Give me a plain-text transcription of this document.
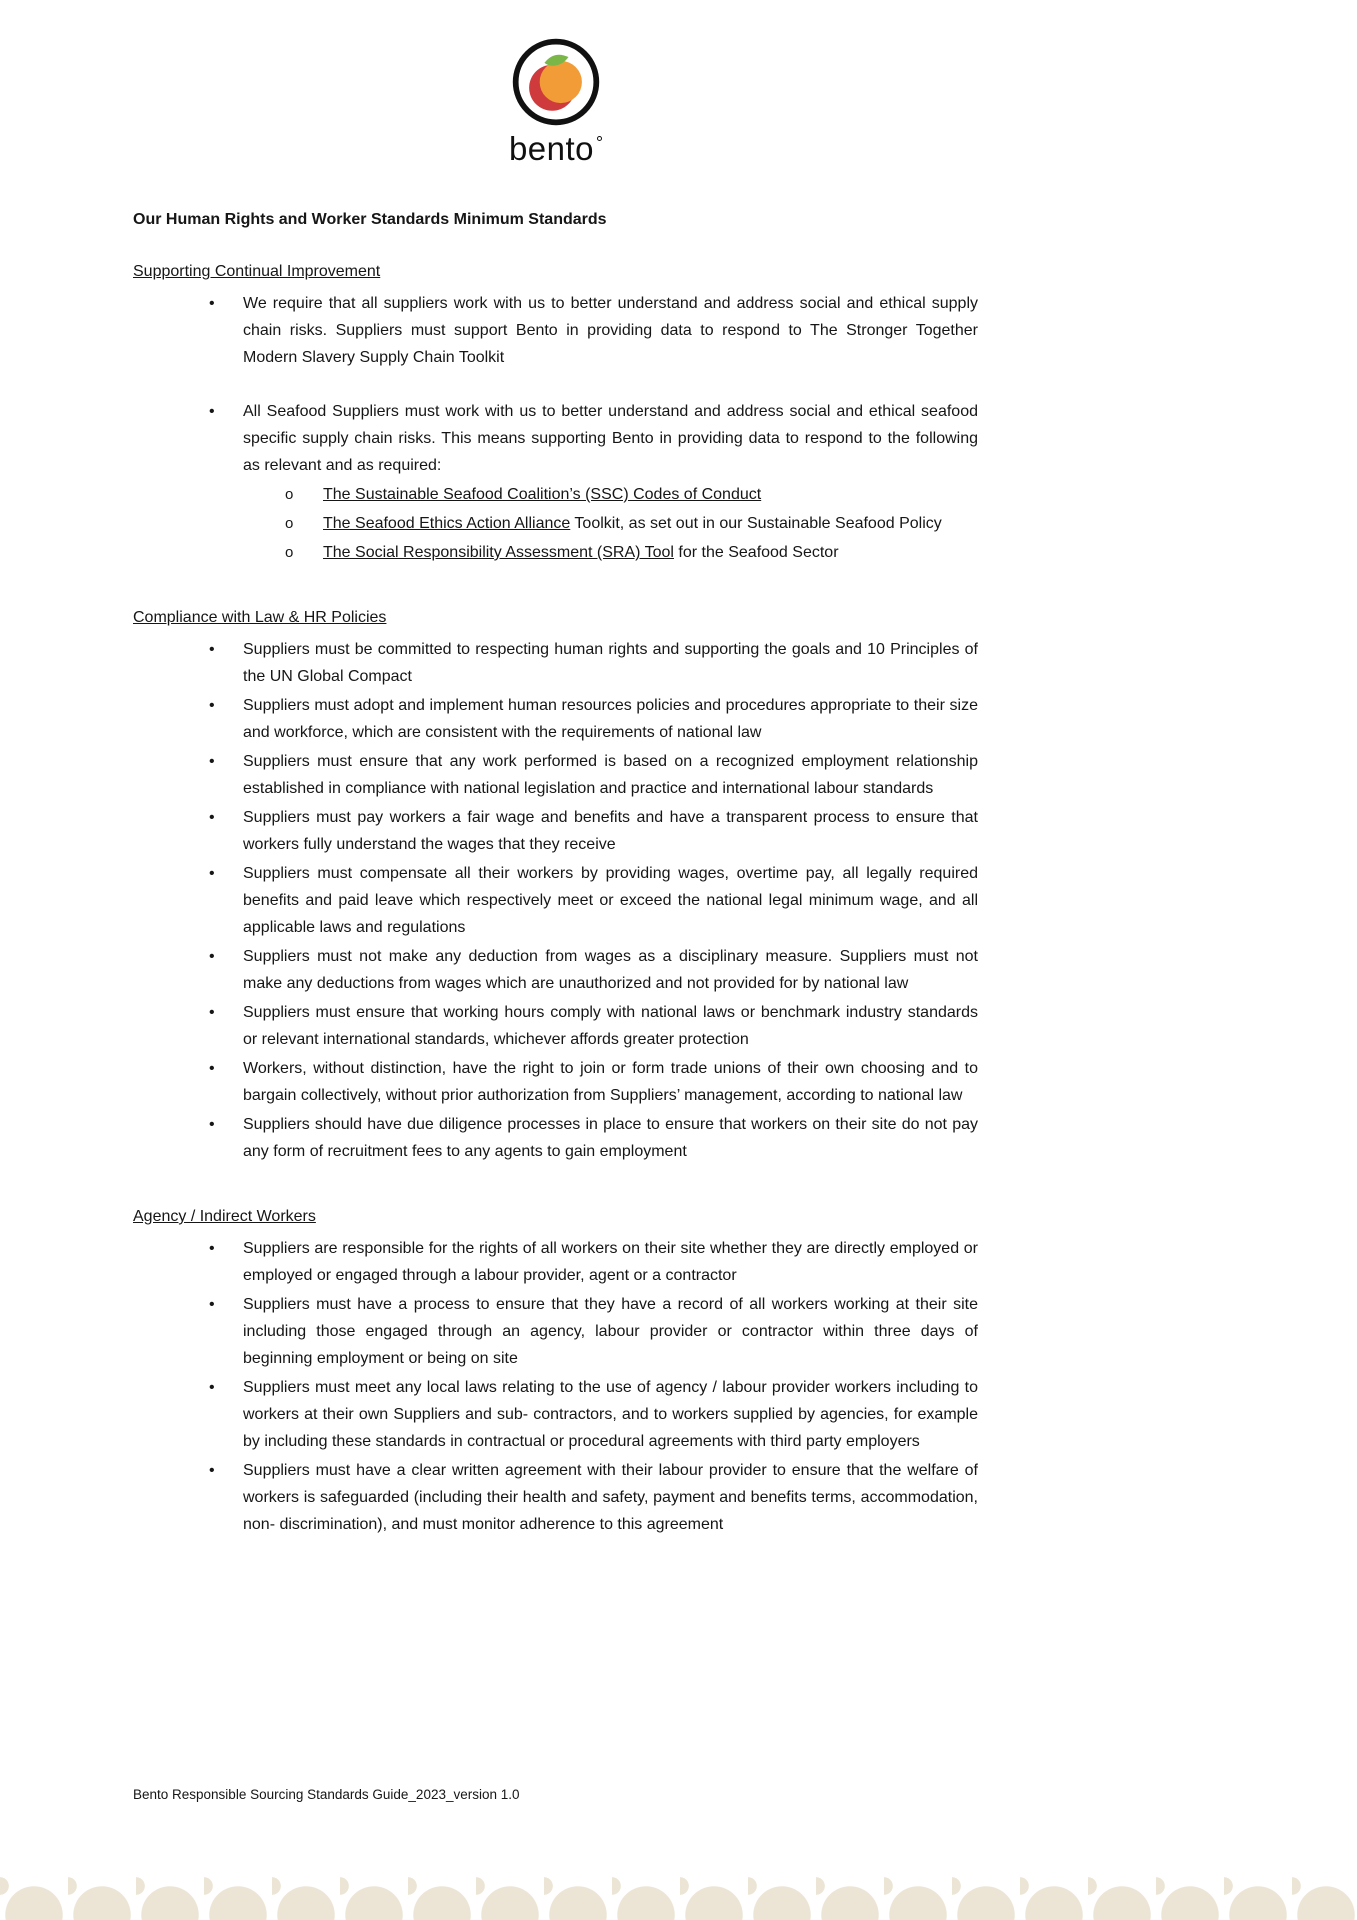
bento
Our Human Rights and Worker Standards Minimum Standards
Supporting Continual Improvement
•	We require that all suppliers work with us to better understand and address social and ethical supply chain risks. Suppliers must support Bento in providing data to respond to The Stronger Together Modern Slavery Supply Chain Toolkit
•	All Seafood Suppliers must work with us to better understand and address social and ethical seafood specific supply chain risks. This means supporting Bento in providing data to respond to the following as relevant and as required:
o	The Sustainable Seafood Coalition’s (SSC) Codes of Conduct
o	The Seafood Ethics Action Alliance Toolkit, as set out in our Sustainable Seafood Policy
o	The Social Responsibility Assessment (SRA) Tool for the Seafood Sector
Compliance with Law & HR Policies
•	Suppliers must be committed to respecting human rights and supporting the goals and 10 Principles of the UN Global Compact
•	Suppliers must adopt and implement human resources policies and procedures appropriate to their size and workforce, which are consistent with the requirements of national law
•	Suppliers must ensure that any work performed is based on a recognized employment relationship established in compliance with national legislation and practice and international labour standards
•	Suppliers must pay workers a fair wage and benefits and have a transparent process to ensure that workers fully understand the wages that they receive
•	Suppliers must compensate all their workers by providing wages, overtime pay, all legally required benefits and paid leave which respectively meet or exceed the national legal minimum wage, and all applicable laws and regulations
•	Suppliers must not make any deduction from wages as a disciplinary measure. Suppliers must not make any deductions from wages which are unauthorized and not provided for by national law
•	Suppliers must ensure that working hours comply with national laws or benchmark industry standards or relevant international standards, whichever affords greater protection
•	Workers, without distinction, have the right to join or form trade unions of their own choosing and to bargain collectively, without prior authorization from Suppliers’ management, according to national law
•	Suppliers should have due diligence processes in place to ensure that workers on their site do not pay any form of recruitment fees to any agents to gain employment
Agency / Indirect Workers
•	Suppliers are responsible for the rights of all workers on their site whether they are directly employed or employed or engaged through a labour provider, agent or a contractor
•	Suppliers must have a process to ensure that they have a record of all workers working at their site including those engaged through an agency, labour provider or contractor within three days of beginning employment or being on site
•	Suppliers must meet any local laws relating to the use of agency / labour provider workers including to workers at their own Suppliers and sub- contractors, and to workers supplied by agencies, for example by including these standards in contractual or procedural agreements with third party employers
•	Suppliers must have a clear written agreement with their labour provider to ensure that the welfare of workers is safeguarded (including their health and safety, payment and benefits terms, accommodation, non- discrimination), and must monitor adherence to this agreement
Bento Responsible Sourcing Standards Guide_2023_version 1.0
